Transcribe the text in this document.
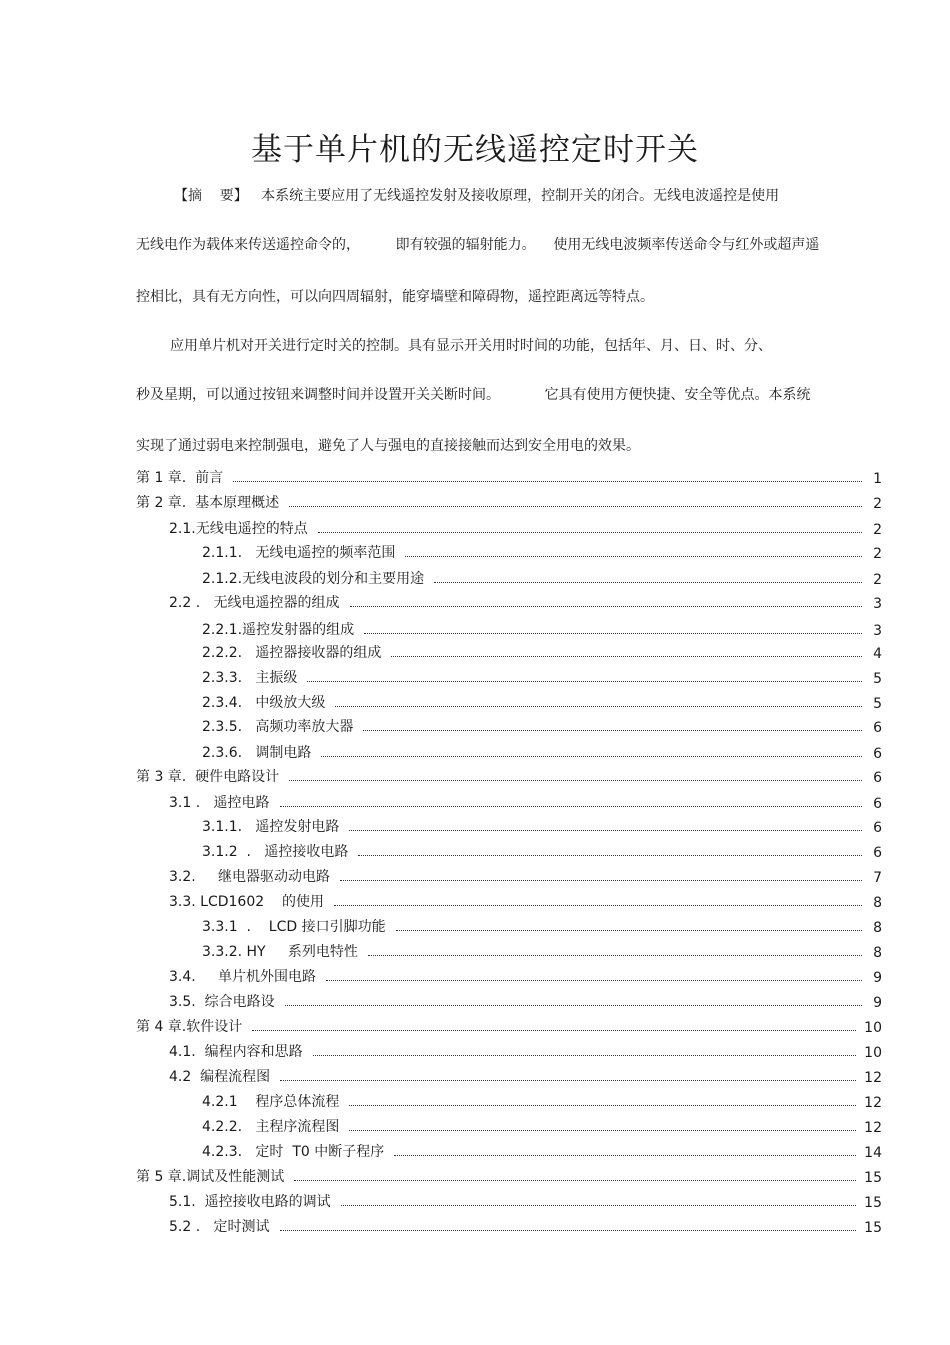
基于单片机的无线遥控定时开关
【摘    要】   本系统主要应用了无线遥控发射及接收原理，控制开关的闭合。无线电波遥控是使用
无线电作为载体来传送遥控命令的，        即有较强的辐射能力。    使用无线电波频率传送命令与红外或超声遥
控相比，具有无方向性，可以向四周辐射，能穿墙壁和障碍物，遥控距离远等特点。
应用单片机对开关进行定时关的控制。具有显示开关用时时间的功能，包括年、月、日、时、分、
秒及星期，可以通过按钮来调整时间并设置开关关断时间。          它具有使用方便快捷、安全等优点。本系统
实现了通过弱电来控制强电，避免了人与强电的直接接触而达到安全用电的效果。
第 1 章.  前言	1
第 2 章.  基本原理概述	2
2.1.无线电遥控的特点	2
2.1.1.   无线电遥控的频率范围	2
2.1.2.无线电波段的划分和主要用途	2
2.2 .   无线电遥控器的组成	3
2.2.1.遥控发射器的组成	3
2.2.2.   遥控器接收器的组成	4
2.3.3.   主振级	5
2.3.4.   中级放大级	5
2.3.5.   高频功率放大器	6
2.3.6.   调制电路	6
第 3 章.  硬件电路设计	6
3.1 .   遥控电路	6
3.1.1.   遥控发射电路	6
3.1.2  .   遥控接收电路	6
3.2.     继电器驱动动电路	7
3.3. LCD1602    的使用	8
3.3.1  .    LCD 接口引脚功能	8
3.3.2. HY     系列电特性	8
3.4.     单片机外围电路	9
3.5.  综合电路设	9
第 4 章.软件设计	10
4.1.  编程内容和思路	10
4.2  编程流程图	12
4.2.1    程序总体流程	12
4.2.2.   主程序流程图	12
4.2.3.   定时  T0 中断子程序	14
第 5 章.调试及性能测试	15
5.1.  遥控接收电路的调试	15
5.2 .   定时测试	15
